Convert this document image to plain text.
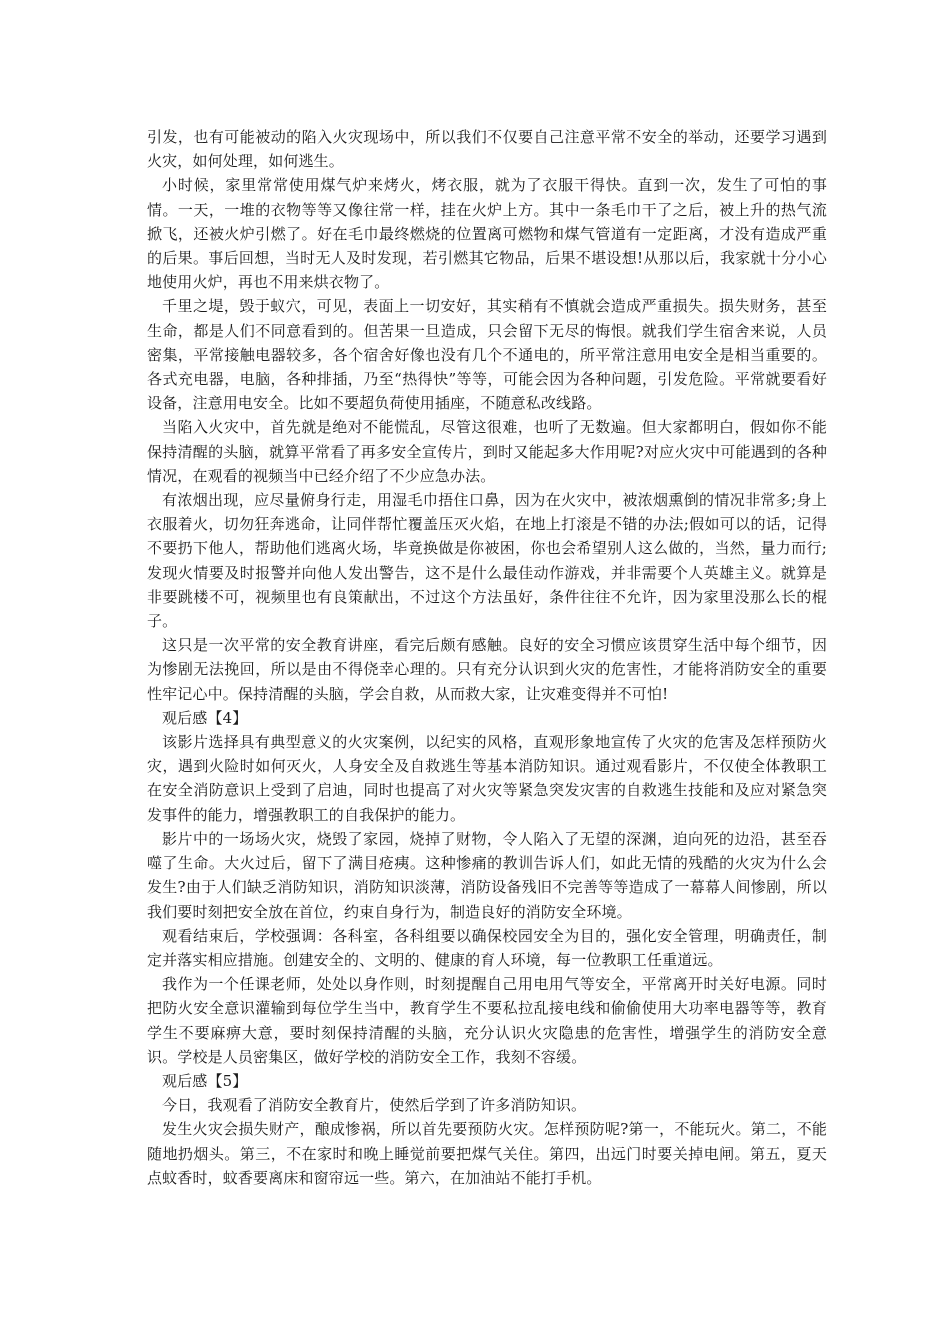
引发，也有可能被动的陷入火灾现场中，所以我们不仅要自己注意平常不安全的举动，还要学习遇到火灾，如何处理，如何逃生。

小时候，家里常常使用煤气炉来烤火，烤衣服，就为了衣服干得快。直到一次，发生了可怕的事情。一天，一堆的衣物等等又像往常一样，挂在火炉上方。其中一条毛巾干了之后，被上升的热气流掀飞，还被火炉引燃了。好在毛巾最终燃烧的位置离可燃物和煤气管道有一定距离，才没有造成严重的后果。事后回想，当时无人及时发现，若引燃其它物品，后果不堪设想!从那以后，我家就十分小心地使用火炉，再也不用来烘衣物了。

千里之堤，毁于蚁穴，可见，表面上一切安好，其实稍有不慎就会造成严重损失。损失财务，甚至生命，都是人们不同意看到的。但苦果一旦造成，只会留下无尽的悔恨。就我们学生宿舍来说，人员密集，平常接触电器较多，各个宿舍好像也没有几个不通电的，所平常注意用电安全是相当重要的。各式充电器，电脑，各种排插，乃至“热得快”等等，可能会因为各种问题，引发危险。平常就要看好设备，注意用电安全。比如不要超负荷使用插座，不随意私改线路。

当陷入火灾中，首先就是绝对不能慌乱，尽管这很难，也听了无数遍。但大家都明白，假如你不能保持清醒的头脑，就算平常看了再多安全宣传片，到时又能起多大作用呢?对应火灾中可能遇到的各种情况，在观看的视频当中已经介绍了不少应急办法。

有浓烟出现，应尽量俯身行走，用湿毛巾捂住口鼻，因为在火灾中，被浓烟熏倒的情况非常多;身上衣服着火，切勿狂奔逃命，让同伴帮忙覆盖压灭火焰，在地上打滚是不错的办法;假如可以的话，记得不要扔下他人，帮助他们逃离火场，毕竟换做是你被困，你也会希望别人这么做的，当然，量力而行;发现火情要及时报警并向他人发出警告，这不是什么最佳动作游戏，并非需要个人英雄主义。就算是非要跳楼不可，视频里也有良策献出，不过这个方法虽好，条件往往不允许，因为家里没那么长的棍子。

这只是一次平常的安全教育讲座，看完后颇有感触。良好的安全习惯应该贯穿生活中每个细节，因为惨剧无法挽回，所以是由不得侥幸心理的。只有充分认识到火灾的危害性，才能将消防安全的重要性牢记心中。保持清醒的头脑，学会自救，从而救大家，让灾难变得并不可怕!

观后感【4】

该影片选择具有典型意义的火灾案例，以纪实的风格，直观形象地宣传了火灾的危害及怎样预防火灾，遇到火险时如何灭火，人身安全及自救逃生等基本消防知识。通过观看影片，不仅使全体教职工在安全消防意识上受到了启迪，同时也提高了对火灾等紧急突发灾害的自救逃生技能和及应对紧急突发事件的能力，增强教职工的自我保护的能力。

影片中的一场场火灾，烧毁了家园，烧掉了财物，令人陷入了无望的深渊，迫向死的边沿，甚至吞噬了生命。大火过后，留下了满目疮痍。这种惨痛的教训告诉人们，如此无情的残酷的火灾为什么会发生?由于人们缺乏消防知识，消防知识淡薄，消防设备残旧不完善等等造成了一幕幕人间惨剧，所以我们要时刻把安全放在首位，约束自身行为，制造良好的消防安全环境。

观看结束后，学校强调：各科室，各科组要以确保校园安全为目的，强化安全管理，明确责任，制定并落实相应措施。创建安全的、文明的、健康的育人环境，每一位教职工任重道远。

我作为一个任课老师，处处以身作则，时刻提醒自己用电用气等安全，平常离开时关好电源。同时把防火安全意识灌输到每位学生当中，教育学生不要私拉乱接电线和偷偷使用大功率电器等等，教育学生不要麻痹大意，要时刻保持清醒的头脑，充分认识火灾隐患的危害性，增强学生的消防安全意识。学校是人员密集区，做好学校的消防安全工作，我刻不容缓。

观后感【5】

今日，我观看了消防安全教育片，使然后学到了许多消防知识。

发生火灾会损失财产，酿成惨祸，所以首先要预防火灾。怎样预防呢?第一，不能玩火。第二，不能随地扔烟头。第三，不在家时和晚上睡觉前要把煤气关住。第四，出远门时要关掉电闸。第五，夏天点蚊香时，蚊香要离床和窗帘远一些。第六，在加油站不能打手机。
